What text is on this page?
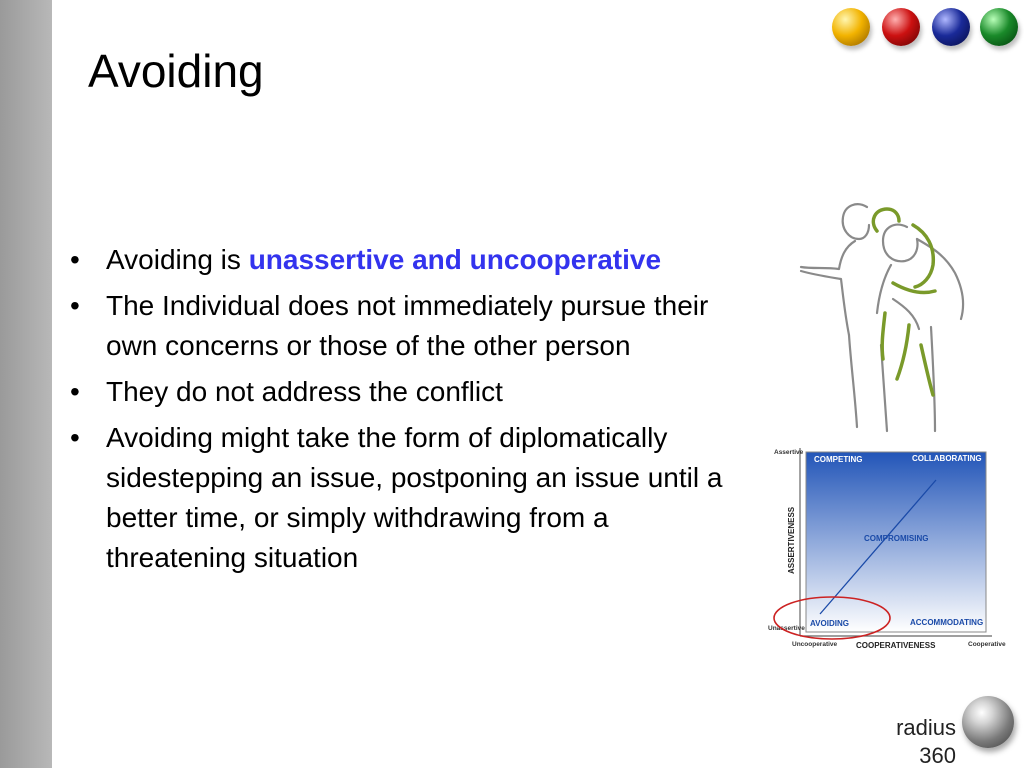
Avoiding
• Avoiding is unassertive and uncooperative
• The Individual does not immediately pursue their own concerns or those of the other person
• They do not address the conflict
• Avoiding might take the form of diplomatically sidestepping an issue, postponing an issue until a better time, or simply withdrawing from a threatening situation
Assertive
Unassertive
ASSERTIVENESS
Uncooperative	Cooperative
COOPERATIVENESS
COMPETING	COLLABORATING
COMPROMISING
AVOIDING	ACCOMMODATING
radius
360
